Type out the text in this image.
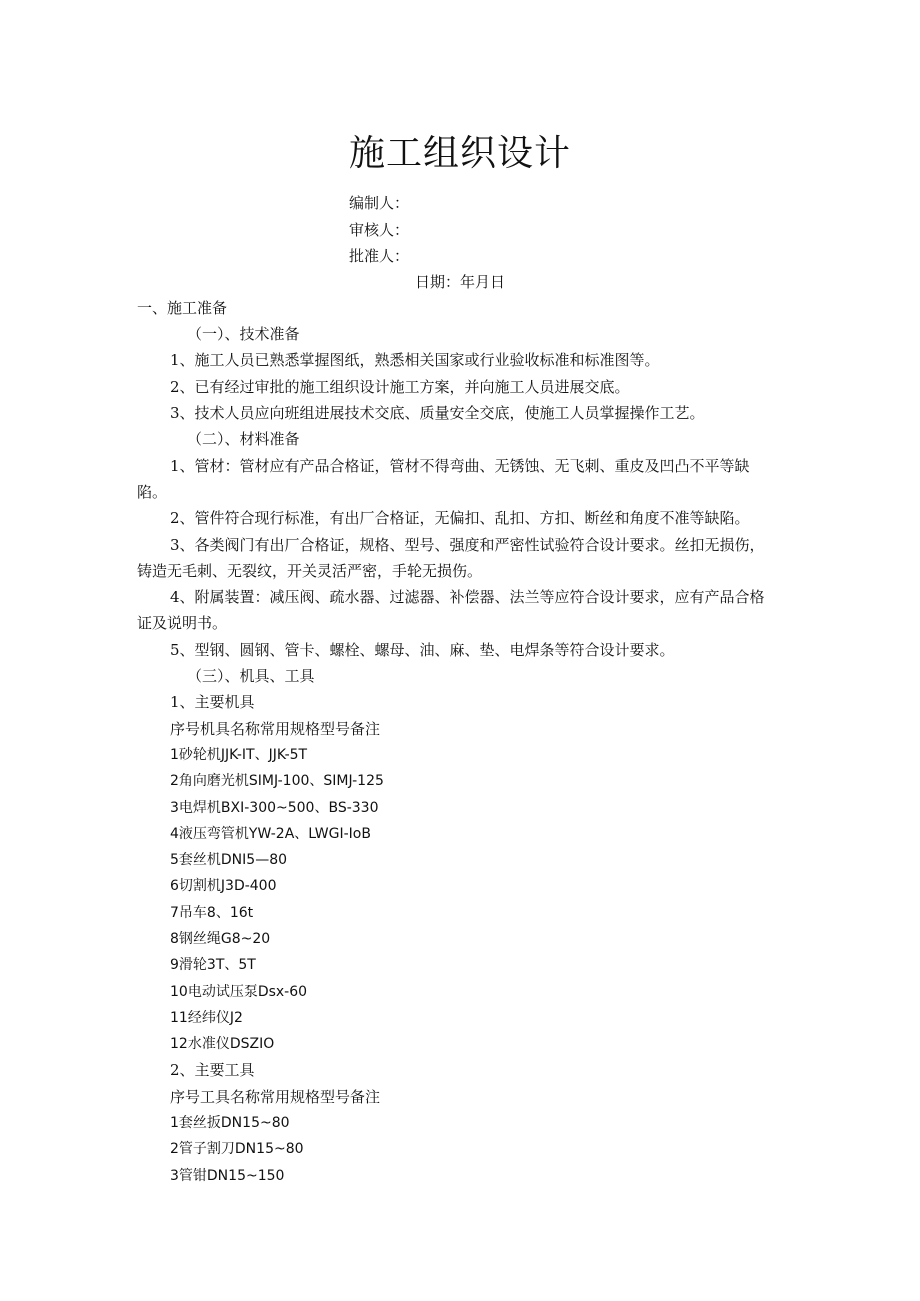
施工组织设计
编制人：
审核人：
批准人：
日期：年月日
一、施工准备
（一）、技术准备
1、施工人员已熟悉掌握图纸，熟悉相关国家或行业验收标准和标准图等。
2、已有经过审批的施工组织设计施工方案，并向施工人员进展交底。
3、技术人员应向班组进展技术交底、质量安全交底，使施工人员掌握操作工艺。
（二）、材料准备
1、管材：管材应有产品合格证，管材不得弯曲、无锈蚀、无飞刺、重皮及凹凸不平等缺
陷。
2、管件符合现行标准，有出厂合格证，无偏扣、乱扣、方扣、断丝和角度不准等缺陷。
3、各类阀门有出厂合格证，规格、型号、强度和严密性试验符合设计要求。丝扣无损伤，
铸造无毛刺、无裂纹，开关灵活严密，手轮无损伤。
4、附属装置：减压阀、疏水器、过滤器、补偿器、法兰等应符合设计要求，应有产品合格
证及说明书。
5、型钢、圆钢、管卡、螺栓、螺母、油、麻、垫、电焊条等符合设计要求。
（三）、机具、工具
1、主要机具
序号机具名称常用规格型号备注
1砂轮机JJK-IT、JJK-5T
2角向磨光机SIMJ-100、SIMJ-125
3电焊机BXI-300~500、BS-330
4液压弯管机YW-2A、LWGI-IoB
5套丝机DNI5—80
6切割机J3D-400
7吊车8、16t
8钢丝绳G8~20
9滑轮3T、5T
10电动试压泵Dsx-60
11经纬仪J2
12水准仪DSZIO
2、主要工具
序号工具名称常用规格型号备注
1套丝扳DN15~80
2管子割刀DN15~80
3管钳DN15~150
